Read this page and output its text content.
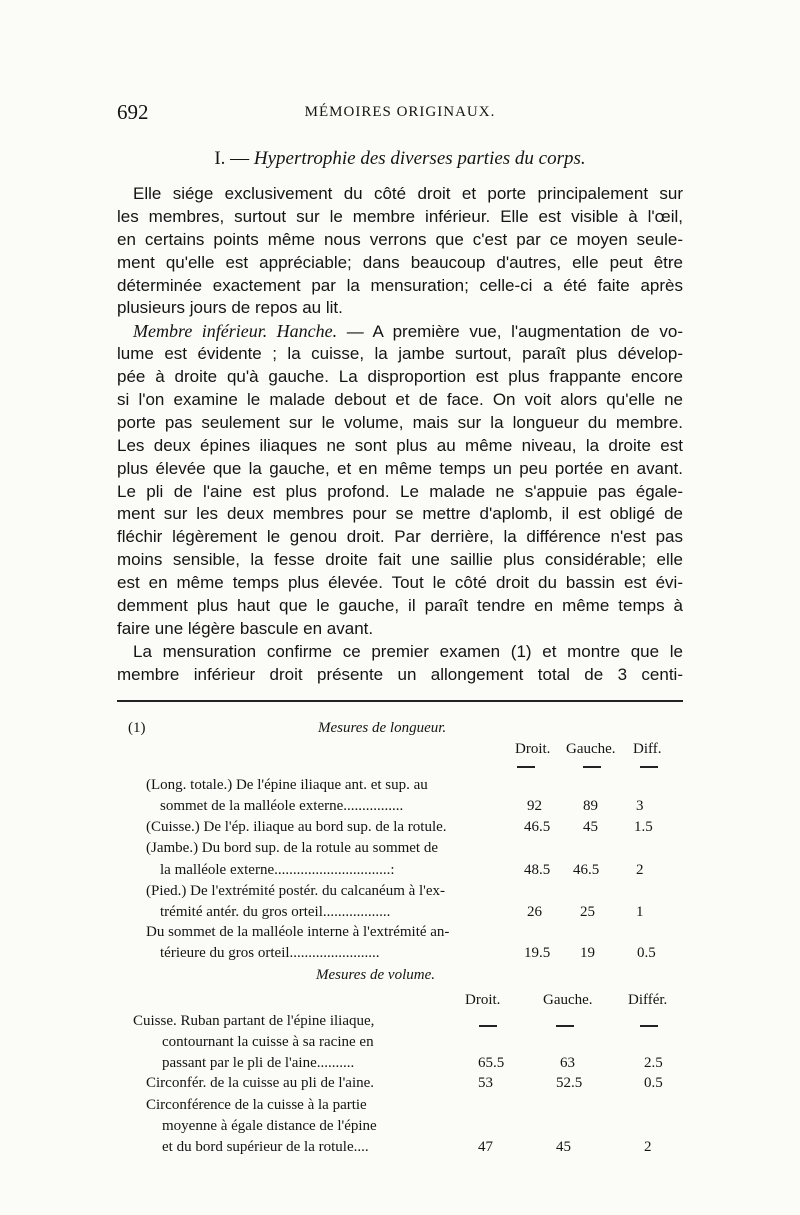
692	MÉMOIRES ORIGINAUX.
I. — Hypertrophie des diverses parties du corps.
Elle siége exclusivement du côté droit et porte principalement sur
les membres, surtout sur le membre inférieur. Elle est visible à l'œil,
en certains points même nous verrons que c'est par ce moyen seule-
ment qu'elle est appréciable; dans beaucoup d'autres, elle peut être
déterminée exactement par la mensuration; celle-ci a été faite après
plusieurs jours de repos au lit.
Membre inférieur. Hanche. — A première vue, l'augmentation de vo-
lume est évidente ; la cuisse, la jambe surtout, paraît plus dévelop-
pée à droite qu'à gauche. La disproportion est plus frappante encore
si l'on examine le malade debout et de face. On voit alors qu'elle ne
porte pas seulement sur le volume, mais sur la longueur du membre.
Les deux épines iliaques ne sont plus au même niveau, la droite est
plus élevée que la gauche, et en même temps un peu portée en avant.
Le pli de l'aine est plus profond. Le malade ne s'appuie pas égale-
ment sur les deux membres pour se mettre d'aplomb, il est obligé de
fléchir légèrement le genou droit. Par derrière, la différence n'est pas
moins sensible, la fesse droite fait une saillie plus considérable; elle
est en même temps plus élevée. Tout le côté droit du bassin est évi-
demment plus haut que le gauche, il paraît tendre en même temps à
faire une légère bascule en avant.
La mensuration confirme ce premier examen (1) et montre que le
membre inférieur droit présente un allongement total de 3 centi-
(1)	Mesures de longueur.
Droit. Gauche. Diff.
(Long. totale.) De l'épine iliaque ant. et sup. au
sommet de la malléole externe................	92	89	3
(Cuisse.) De l'ép. iliaque au bord sup. de la rotule.	46.5 45 1.5
(Jambe.) Du bord sup. de la rotule au sommet de
la malléole externe...............................:	48.5 46.5 2
(Pied.) De l'extrémité postér. du calcanéum à l'ex-
trémité antér. du gros orteil..................	26	25	1
Du sommet de la malléole interne à l'extrémité an-
térieure du gros orteil........................	19.5 19	0.5
Mesures de volume.
Droit.	Gauche. Différ.
Cuisse. Ruban partant de l'épine iliaque,
contournant la cuisse à sa racine en
passant par le pli de l'aine..........	65.5	63	2.5
Circonfér. de la cuisse au pli de l'aine.	53	52.5	0.5
Circonférence de la cuisse à la partie
moyenne à égale distance de l'épine
et du bord supérieur de la rotule....	47	45	2
